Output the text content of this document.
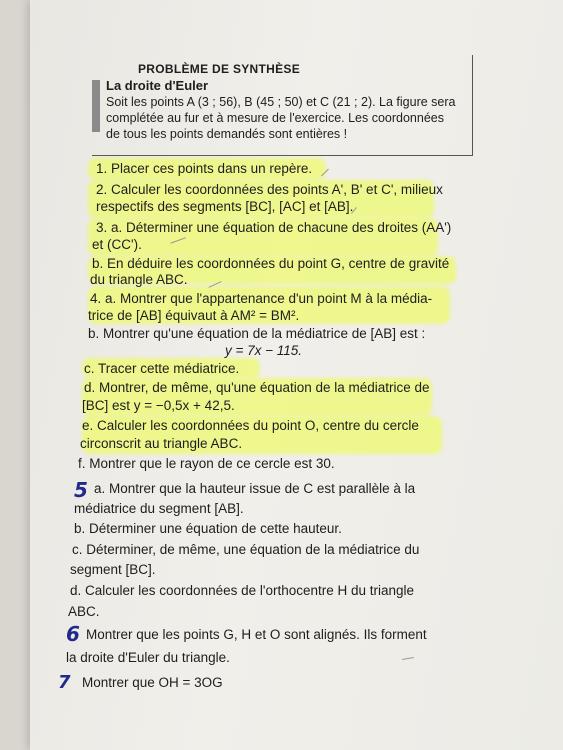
PROBLÈME DE SYNTHÈSE
La droite d'Euler
Soit les points A (3 ; 56), B (45 ; 50) et C (21 ; 2). La figure sera
complétée au fur et à mesure de l'exercice. Les coordonnées
de tous les points demandés sont entières !
1. Placer ces points dans un repère.
2. Calculer les coordonnées des points A', B' et C', milieux
respectifs des segments [BC], [AC] et [AB].
3. a. Déterminer une équation de chacune des droites (AA')
et (CC').
b. En déduire les coordonnées du point G, centre de gravité
du triangle ABC.
4. a. Montrer que l'appartenance d'un point M à la média-
trice de [AB] équivaut à AM² = BM².
b. Montrer qu'une équation de la médiatrice de [AB] est :
y = 7x − 115.
c. Tracer cette médiatrice.
d. Montrer, de même, qu'une équation de la médiatrice de
[BC] est y = −0,5x + 42,5.
e. Calculer les coordonnées du point O, centre du cercle
circonscrit au triangle ABC.
f. Montrer que le rayon de ce cercle est 30.
5 a. Montrer que la hauteur issue de C est parallèle à la
médiatrice du segment [AB].
b. Déterminer une équation de cette hauteur.
c. Déterminer, de même, une équation de la médiatrice du
segment [BC].
d. Calculer les coordonnées de l'orthocentre H du triangle
ABC.
6 Montrer que les points G, H et O sont alignés. Ils forment
la droite d'Euler du triangle.
7 Montrer que OH = 3OG
